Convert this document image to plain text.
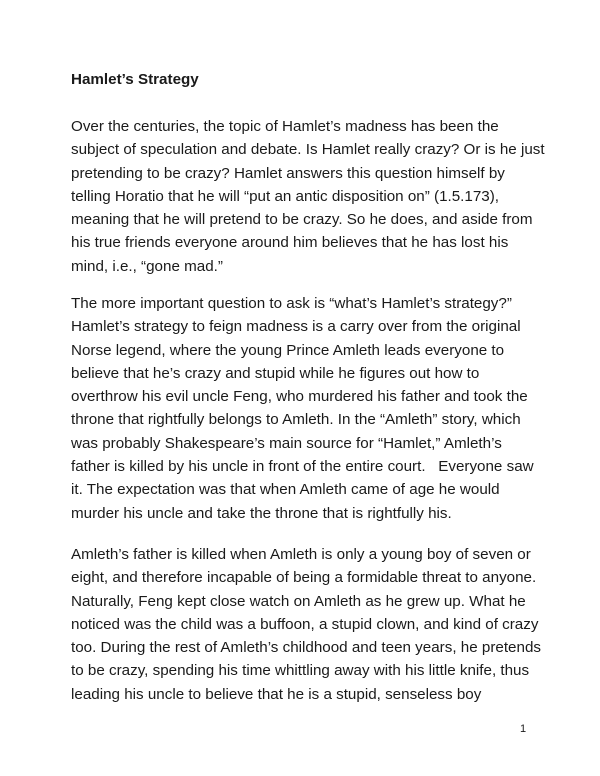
Hamlet’s Strategy

Over the centuries, the topic of Hamlet’s madness has been the
subject of speculation and debate. Is Hamlet really crazy? Or is he just
pretending to be crazy? Hamlet answers this question himself by
telling Horatio that he will “put an antic disposition on” (1.5.173),
meaning that he will pretend to be crazy. So he does, and aside from
his true friends everyone around him believes that he has lost his
mind, i.e., “gone mad.”

The more important question to ask is “what’s Hamlet’s strategy?”
Hamlet’s strategy to feign madness is a carry over from the original
Norse legend, where the young Prince Amleth leads everyone to
believe that he’s crazy and stupid while he figures out how to
overthrow his evil uncle Feng, who murdered his father and took the
throne that rightfully belongs to Amleth. In the “Amleth” story, which
was probably Shakespeare’s main source for “Hamlet,” Amleth’s
father is killed by his uncle in front of the entire court.   Everyone saw
it. The expectation was that when Amleth came of age he would
murder his uncle and take the throne that is rightfully his.

Amleth’s father is killed when Amleth is only a young boy of seven or
eight, and therefore incapable of being a formidable threat to anyone.
Naturally, Feng kept close watch on Amleth as he grew up. What he
noticed was the child was a buffoon, a stupid clown, and kind of crazy
too. During the rest of Amleth’s childhood and teen years, he pretends
to be crazy, spending his time whittling away with his little knife, thus
leading his uncle to believe that he is a stupid, senseless boy

1
